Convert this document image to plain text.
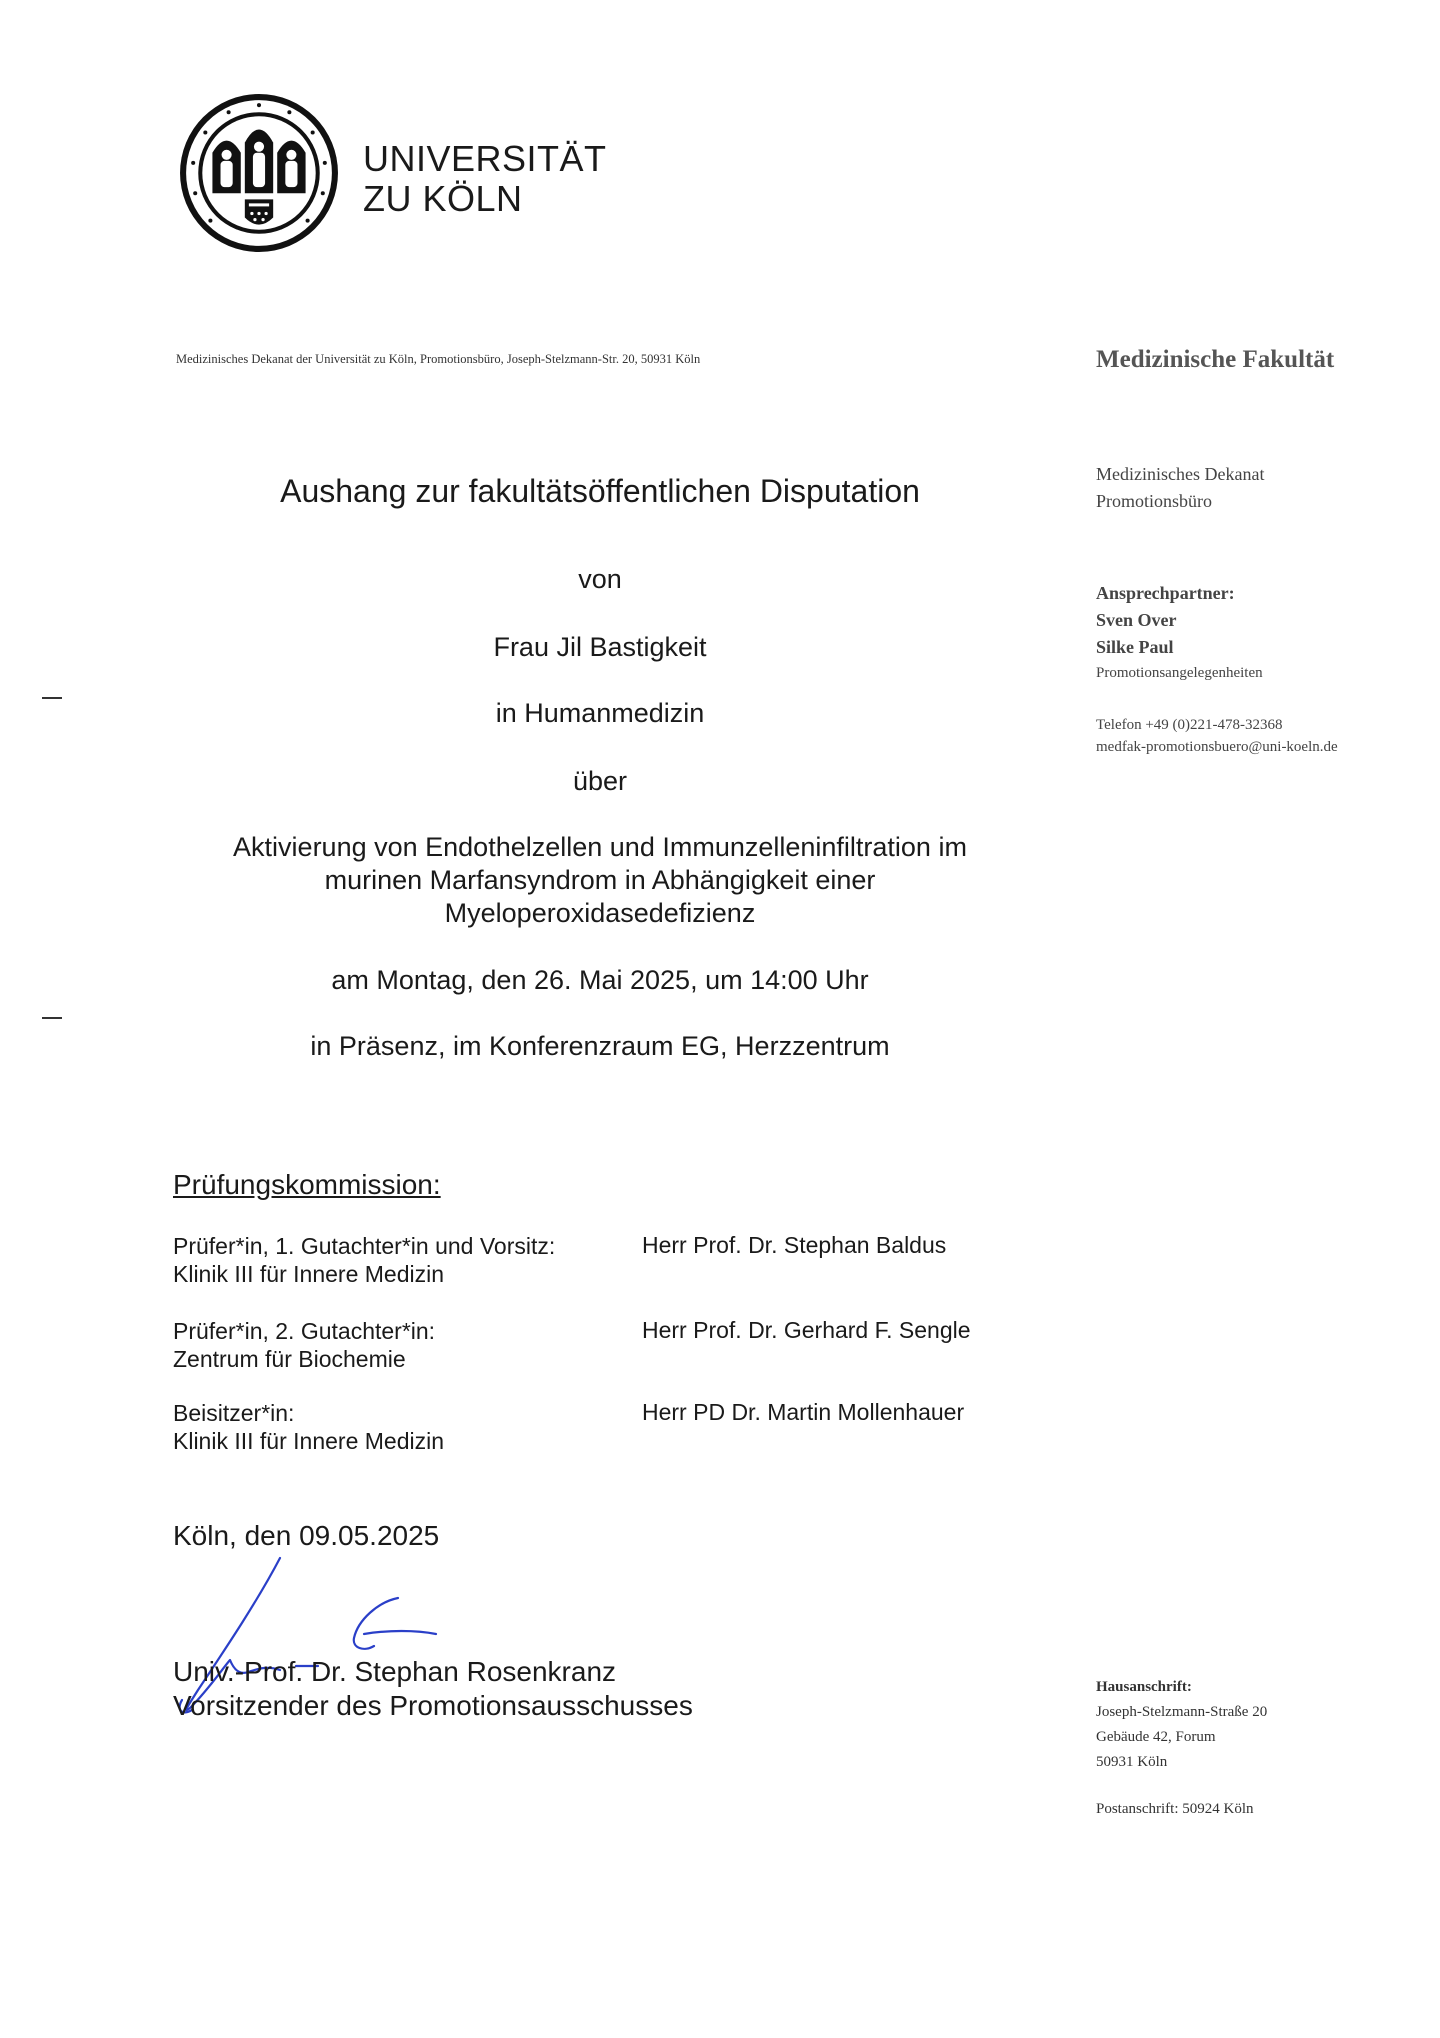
UNIVERSITÄT
ZU KÖLN
Medizinisches Dekanat der Universität zu Köln, Promotionsbüro, Joseph-Stelzmann-Str. 20, 50931 Köln	Medizinische Fakultät
Medizinisches Dekanat
Promotionsbüro
Ansprechpartner:
Sven Over
Silke Paul
Promotionsangelegenheiten
Telefon +49 (0)221-478-32368
medfak-promotionsbuero@uni-koeln.de
Aushang zur fakultätsöffentlichen Disputation
von
Frau Jil Bastigkeit
in Humanmedizin
über
Aktivierung von Endothelzellen und Immunzelleninfiltration im
murinen Marfansyndrom in Abhängigkeit einer
Myeloperoxidasedefizienz
am Montag, den 26. Mai 2025, um 14:00 Uhr
in Präsenz, im Konferenzraum EG, Herzzentrum
Prüfungskommission:
Prüfer*in, 1. Gutachter*in und Vorsitz:
Klinik III für Innere Medizin
Herr Prof. Dr. Stephan Baldus
Prüfer*in, 2. Gutachter*in:
Zentrum für Biochemie
Herr Prof. Dr. Gerhard F. Sengle
Beisitzer*in:
Klinik III für Innere Medizin
Herr PD Dr. Martin Mollenhauer
Köln, den 09.05.2025
Univ.-Prof. Dr. Stephan Rosenkranz
Vorsitzender des Promotionsausschusses
Hausanschrift:
Joseph-Stelzmann-Straße 20
Gebäude 42, Forum
50931 Köln
Postanschrift: 50924 Köln
